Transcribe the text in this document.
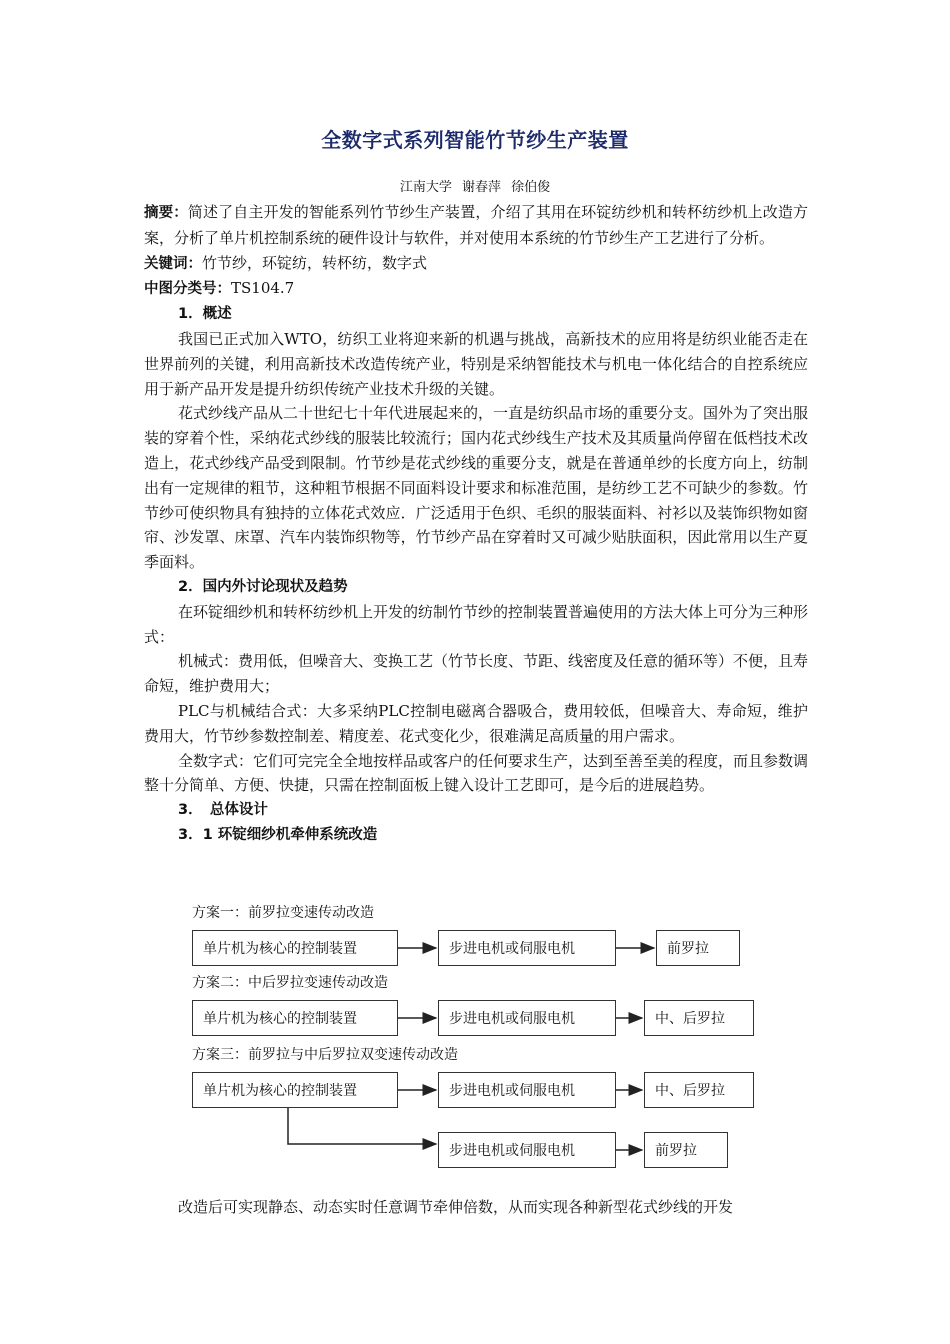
全数字式系列智能竹节纱生产装置
江南大学 谢春萍 徐伯俊

摘要：简述了自主开发的智能系列竹节纱生产装置，介绍了其用在环锭纺纱机和转杯纺纱机上改造方案，分析了单片机控制系统的硬件设计与软件，并对使用本系统的竹节纱生产工艺进行了分析。

关键词：竹节纱，环锭纺，转杯纺，数字式

中图分类号：TS104.7

1．概述

我国已正式加入WTO，纺织工业将迎来新的机遇与挑战，高新技术的应用将是纺织业能否走在世界前列的关键，利用高新技术改造传统产业，特别是采纳智能技术与机电一体化结合的自控系统应用于新产品开发是提升纺织传统产业技术升级的关键。

花式纱线产品从二十世纪七十年代进展起来的，一直是纺织品市场的重要分支。国外为了突出服装的穿着个性，采纳花式纱线的服装比较流行；国内花式纱线生产技术及其质量尚停留在低档技术改造上，花式纱线产品受到限制。竹节纱是花式纱线的重要分支，就是在普通单纱的长度方向上，纺制出有一定规律的粗节，这种粗节根据不同面料设计要求和标准范围，是纺纱工艺不可缺少的参数。竹节纱可使织物具有独持的立体花式效应．广泛适用于色织、毛织的服装面料、衬衫以及装饰织物如窗帘、沙发罩、床罩、汽车内装饰织物等，竹节纱产品在穿着时又可减少贴肤面积，因此常用以生产夏季面料。

2．国内外讨论现状及趋势

在环锭细纱机和转杯纺纱机上开发的纺制竹节纱的控制装置普遍使用的方法大体上可分为三种形式：

机械式：费用低，但噪音大、变换工艺（竹节长度、节距、线密度及任意的循环等）不便，且寿命短，维护费用大；

PLC与机械结合式：大多采纳PLC控制电磁离合器吸合，费用较低，但噪音大、寿命短，维护费用大，竹节纱参数控制差、精度差、花式变化少，很难满足高质量的用户需求。

全数字式：它们可完完全全地按样品或客户的任何要求生产，达到至善至美的程度，而且参数调整十分简单、方便、快捷，只需在控制面板上键入设计工艺即可，是今后的进展趋势。

3．　总体设计

3．1 环锭细纱机牵伸系统改造

方案一：前罗拉变速传动改造
单片机为核心的控制装置	步进电机或伺服电机	前罗拉
方案二：中后罗拉变速传动改造
单片机为核心的控制装置	步进电机或伺服电机	中、后罗拉
方案三：前罗拉与中后罗拉双变速传动改造
单片机为核心的控制装置	步进电机或伺服电机	中、后罗拉
步进电机或伺服电机	前罗拉
改造后可实现静态、动态实时任意调节牵伸倍数，从而实现各种新型花式纱线的开发
